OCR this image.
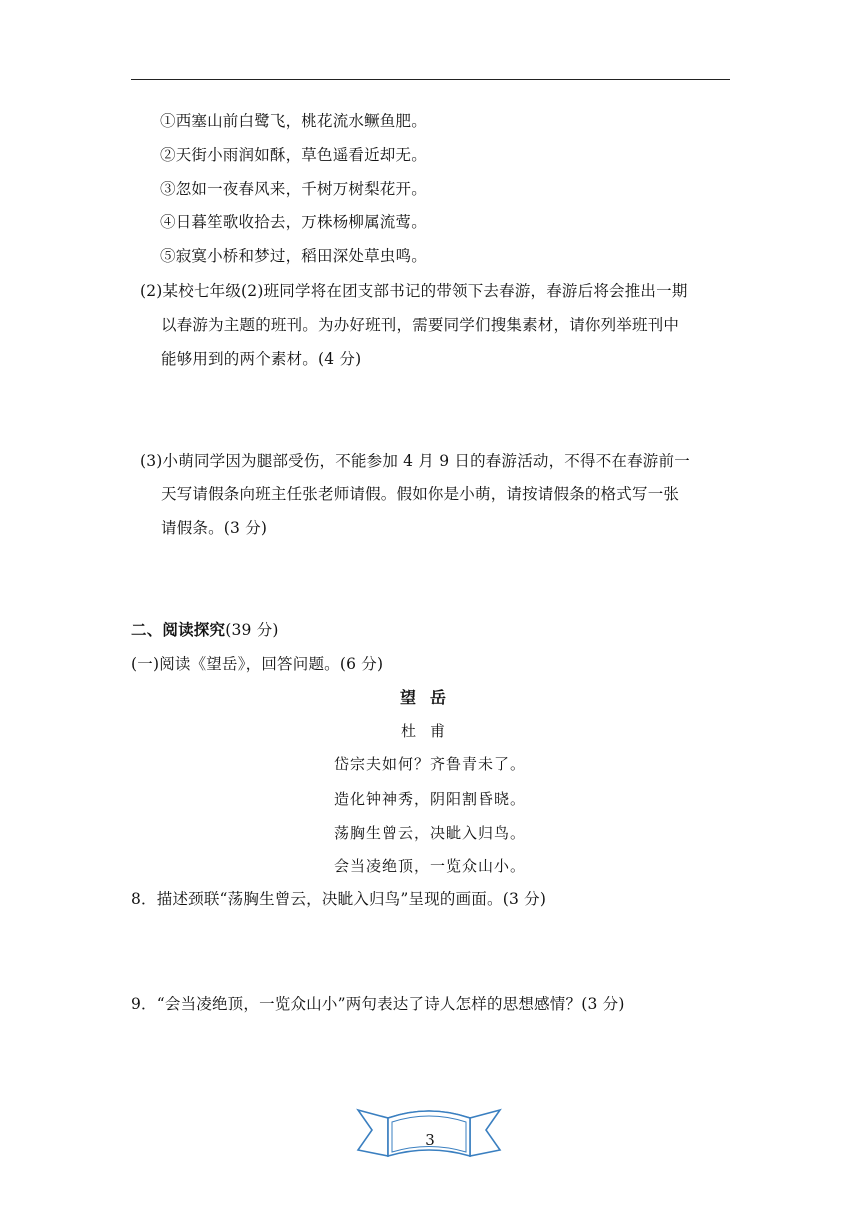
①西塞山前白鹭飞，桃花流水鳜鱼肥。
②天街小雨润如酥，草色遥看近却无。
③忽如一夜春风来，千树万树梨花开。
④日暮笙歌收拾去，万株杨柳属流莺。
⑤寂寞小桥和梦过，稻田深处草虫鸣。
(2)某校七年级(2)班同学将在团支部书记的带领下去春游，春游后将会推出一期
以春游为主题的班刊。为办好班刊，需要同学们搜集素材，请你列举班刊中
能够用到的两个素材。(4 分)
(3)小萌同学因为腿部受伤，不能参加 4 月 9 日的春游活动，不得不在春游前一
天写请假条向班主任张老师请假。假如你是小萌，请按请假条的格式写一张
请假条。(3 分)
二、阅读探究(39 分)
(一)阅读《望岳》，回答问题。(6 分)
望岳
杜甫
岱宗夫如何？齐鲁青未了。
造化钟神秀，阴阳割昏晓。
荡胸生曾云，决眦入归鸟。
会当凌绝顶，一览众山小。
8．描述颈联“荡胸生曾云，决眦入归鸟”呈现的画面。(3 分)
9．“会当凌绝顶，一览众山小”两句表达了诗人怎样的思想感情？(3 分)
3
